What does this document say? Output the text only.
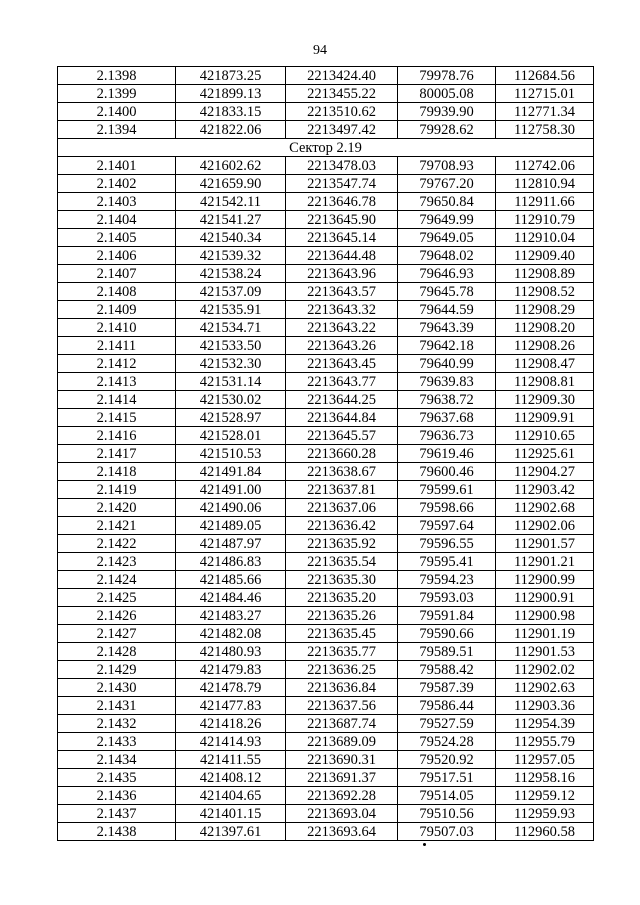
94
2.1398	421873.25	2213424.40	79978.76	112684.56
2.1399	421899.13	2213455.22	80005.08	112715.01
2.1400	421833.15	2213510.62	79939.90	112771.34
2.1394	421822.06	2213497.42	79928.62	112758.30
Сектор 2.19				
2.1401	421602.62	2213478.03	79708.93	112742.06
2.1402	421659.90	2213547.74	79767.20	112810.94
2.1403	421542.11	2213646.78	79650.84	112911.66
2.1404	421541.27	2213645.90	79649.99	112910.79
2.1405	421540.34	2213645.14	79649.05	112910.04
2.1406	421539.32	2213644.48	79648.02	112909.40
2.1407	421538.24	2213643.96	79646.93	112908.89
2.1408	421537.09	2213643.57	79645.78	112908.52
2.1409	421535.91	2213643.32	79644.59	112908.29
2.1410	421534.71	2213643.22	79643.39	112908.20
2.1411	421533.50	2213643.26	79642.18	112908.26
2.1412	421532.30	2213643.45	79640.99	112908.47
2.1413	421531.14	2213643.77	79639.83	112908.81
2.1414	421530.02	2213644.25	79638.72	112909.30
2.1415	421528.97	2213644.84	79637.68	112909.91
2.1416	421528.01	2213645.57	79636.73	112910.65
2.1417	421510.53	2213660.28	79619.46	112925.61
2.1418	421491.84	2213638.67	79600.46	112904.27
2.1419	421491.00	2213637.81	79599.61	112903.42
2.1420	421490.06	2213637.06	79598.66	112902.68
2.1421	421489.05	2213636.42	79597.64	112902.06
2.1422	421487.97	2213635.92	79596.55	112901.57
2.1423	421486.83	2213635.54	79595.41	112901.21
2.1424	421485.66	2213635.30	79594.23	112900.99
2.1425	421484.46	2213635.20	79593.03	112900.91
2.1426	421483.27	2213635.26	79591.84	112900.98
2.1427	421482.08	2213635.45	79590.66	112901.19
2.1428	421480.93	2213635.77	79589.51	112901.53
2.1429	421479.83	2213636.25	79588.42	112902.02
2.1430	421478.79	2213636.84	79587.39	112902.63
2.1431	421477.83	2213637.56	79586.44	112903.36
2.1432	421418.26	2213687.74	79527.59	112954.39
2.1433	421414.93	2213689.09	79524.28	112955.79
2.1434	421411.55	2213690.31	79520.92	112957.05
2.1435	421408.12	2213691.37	79517.51	112958.16
2.1436	421404.65	2213692.28	79514.05	112959.12
2.1437	421401.15	2213693.04	79510.56	112959.93
2.1438	421397.61	2213693.64	79507.03	112960.58
